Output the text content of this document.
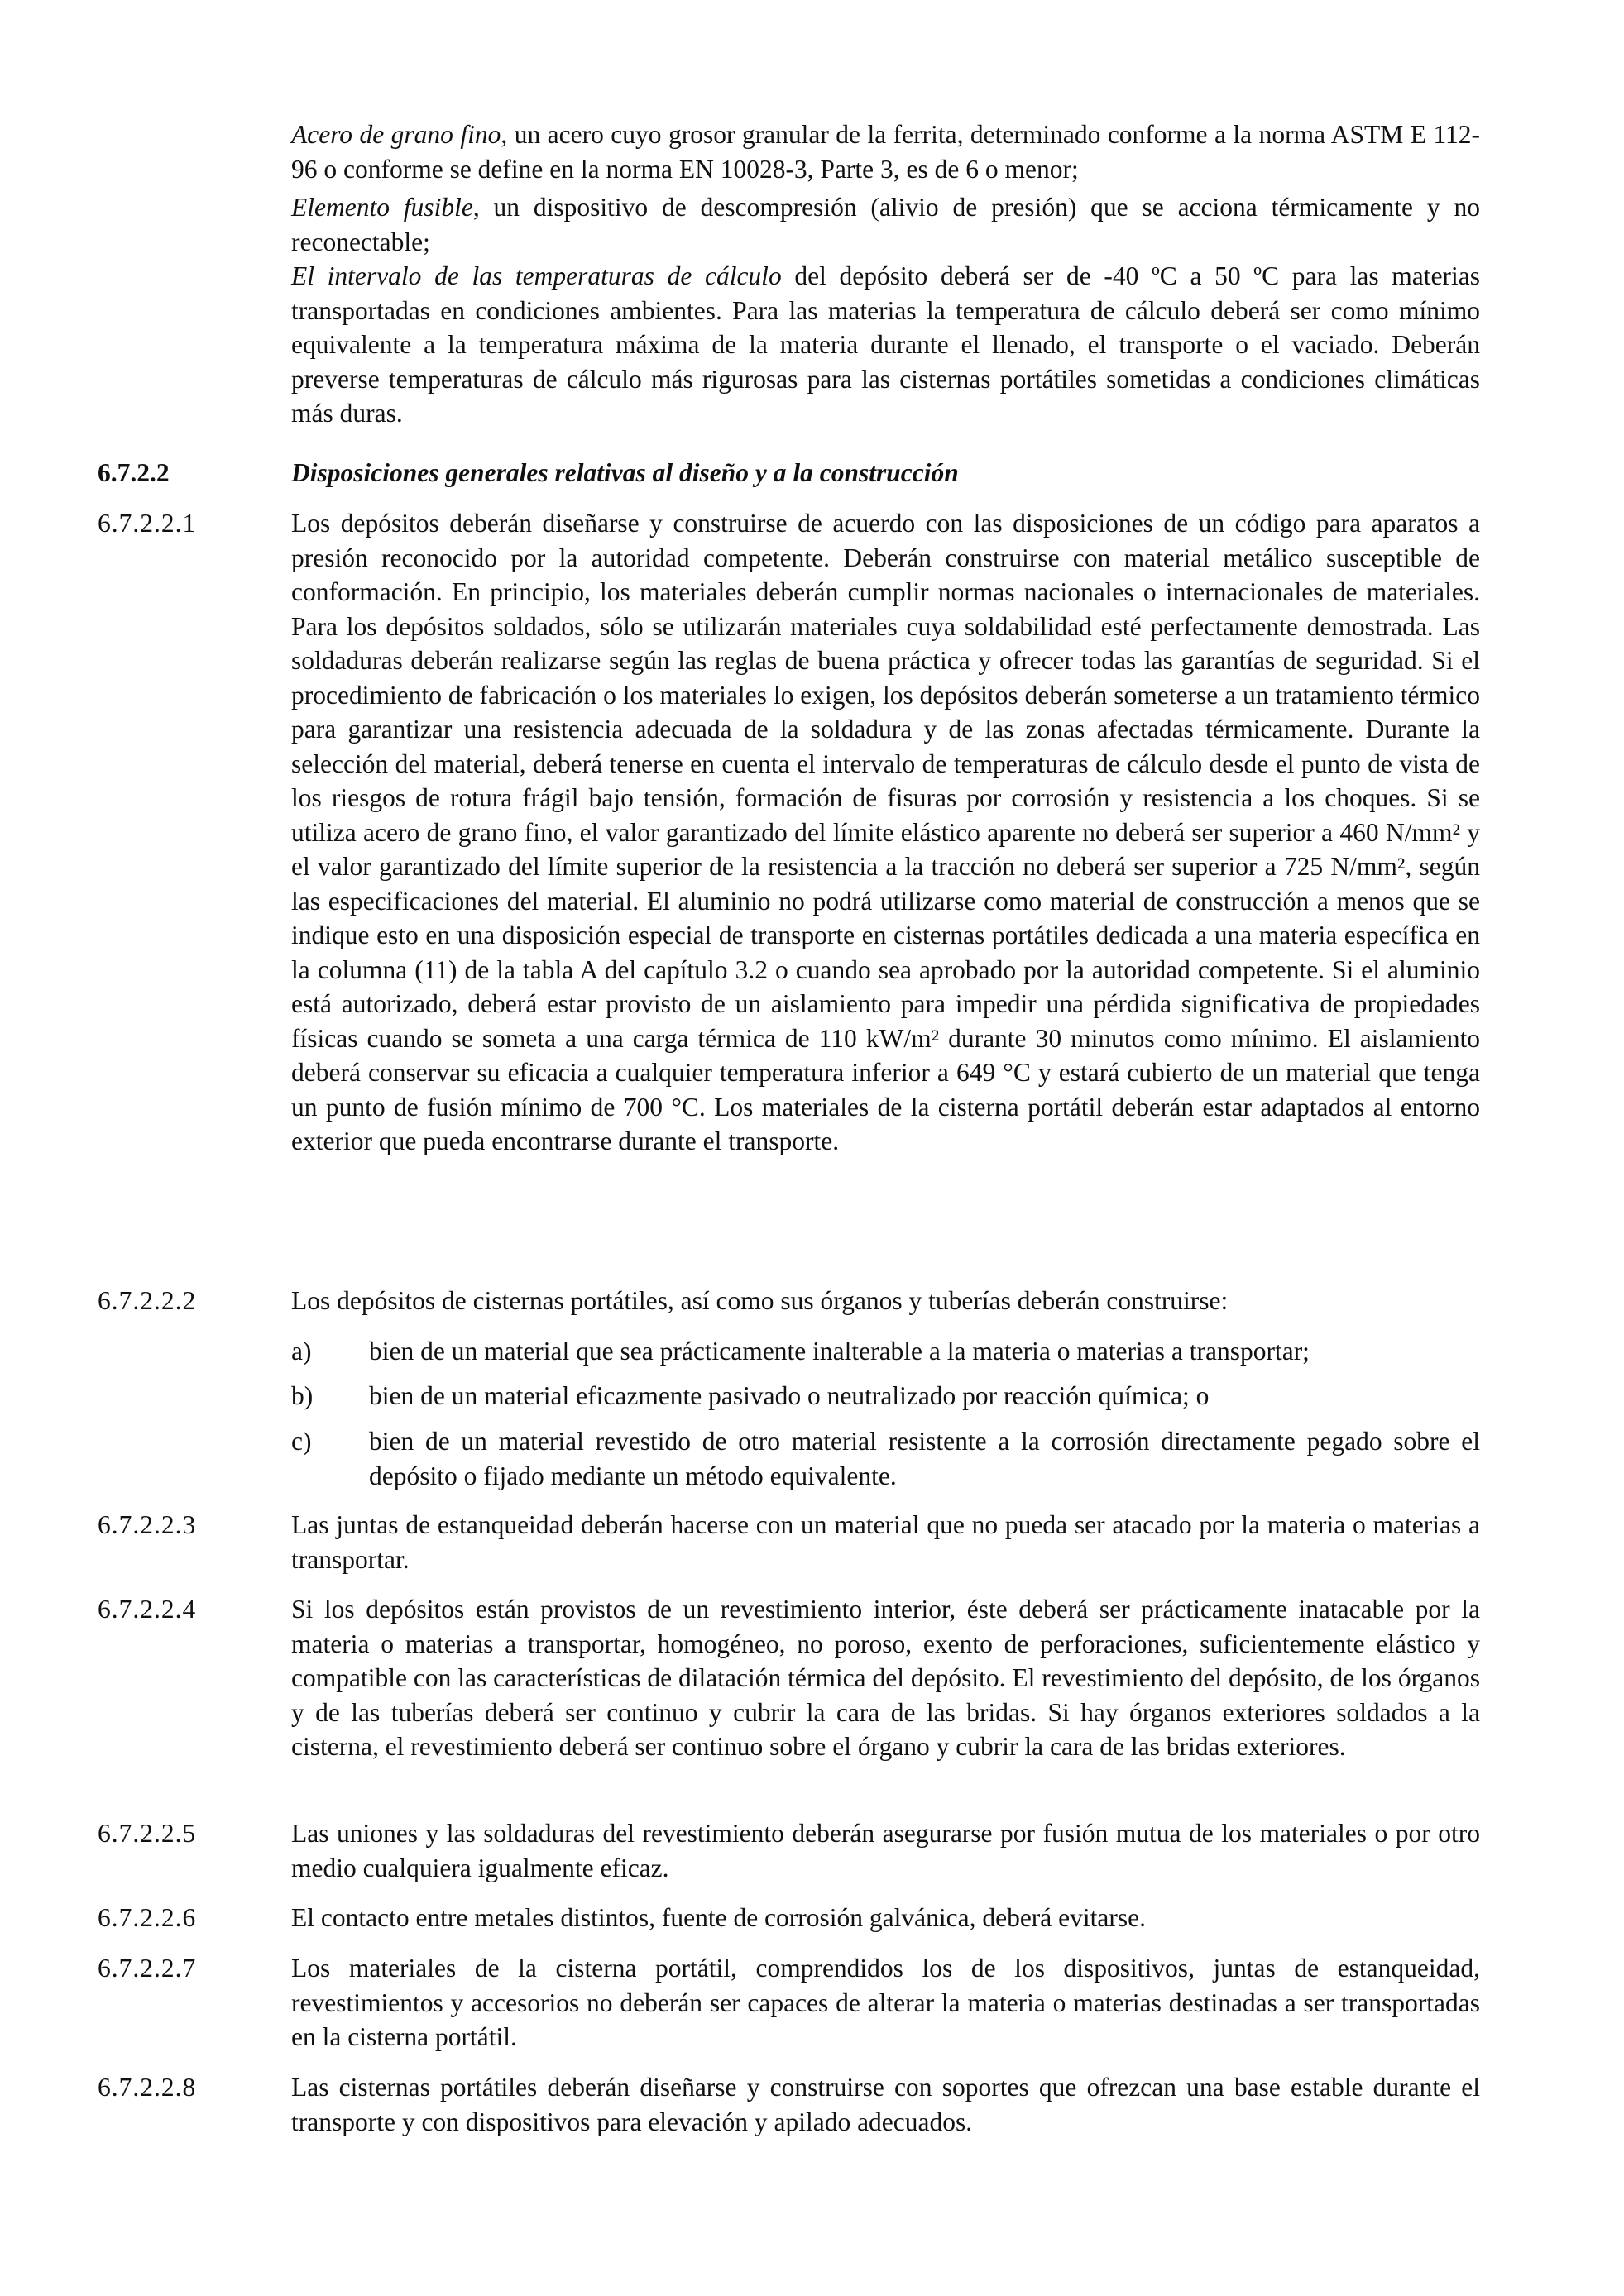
Acero de grano fino, un acero cuyo grosor granular de la ferrita, determinado conforme a la norma ASTM E 112-96 o conforme se define en la norma EN 10028-3, Parte 3, es de 6 o menor;

Elemento fusible, un dispositivo de descompresión (alivio de presión) que se acciona térmicamente y no reconectable;

El intervalo de las temperaturas de cálculo del depósito deberá ser de -40 ºC a 50 ºC para las materias transportadas en condiciones ambientes. Para las materias la temperatura de cálculo deberá ser como mínimo equivalente a la temperatura máxima de la materia durante el llenado, el transporte o el vaciado. Deberán preverse temperaturas de cálculo más rigurosas para las cisternas portátiles sometidas a condiciones climáticas más duras.

6.7.2.2	Disposiciones generales relativas al diseño y a la construcción

6.7.2.2.1	Los depósitos deberán diseñarse y construirse de acuerdo con las disposiciones de un código para aparatos a presión reconocido por la autoridad competente. Deberán construirse con material metálico susceptible de conformación. En principio, los materiales deberán cumplir normas nacionales o internacionales de materiales. Para los depósitos soldados, sólo se utilizarán materiales cuya soldabilidad esté perfectamente demostrada. Las soldaduras deberán realizarse según las reglas de buena práctica y ofrecer todas las garantías de seguridad. Si el procedimiento de fabricación o los materiales lo exigen, los depósitos deberán someterse a un tratamiento térmico para garantizar una resistencia adecuada de la soldadura y de las zonas afectadas térmicamente. Durante la selección del material, deberá tenerse en cuenta el intervalo de temperaturas de cálculo desde el punto de vista de los riesgos de rotura frágil bajo tensión, formación de fisuras por corrosión y resistencia a los choques. Si se utiliza acero de grano fino, el valor garantizado del límite elástico aparente no deberá ser superior a 460 N/mm² y el valor garantizado del límite superior de la resistencia a la tracción no deberá ser superior a 725 N/mm², según las especificaciones del material. El aluminio no podrá utilizarse como material de construcción a menos que se indique esto en una disposición especial de transporte en cisternas portátiles dedicada a una materia específica en la columna (11) de la tabla A del capítulo 3.2 o cuando sea aprobado por la autoridad competente. Si el aluminio está autorizado, deberá estar provisto de un aislamiento para impedir una pérdida significativa de propiedades físicas cuando se someta a una carga térmica de 110 kW/m² durante 30 minutos como mínimo. El aislamiento deberá conservar su eficacia a cualquier temperatura inferior a 649 °C y estará cubierto de un material que tenga un punto de fusión mínimo de 700 °C. Los materiales de la cisterna portátil deberán estar adaptados al entorno exterior que pueda encontrarse durante el transporte.

6.7.2.2.2	Los depósitos de cisternas portátiles, así como sus órganos y tuberías deberán construirse:

a) bien de un material que sea prácticamente inalterable a la materia o materias a transportar;

b) bien de un material eficazmente pasivado o neutralizado por reacción química; o

c) bien de un material revestido de otro material resistente a la corrosión directamente pegado sobre el depósito o fijado mediante un método equivalente.

6.7.2.2.3	Las juntas de estanqueidad deberán hacerse con un material que no pueda ser atacado por la materia o materias a transportar.

6.7.2.2.4	Si los depósitos están provistos de un revestimiento interior, éste deberá ser prácticamente inatacable por la materia o materias a transportar, homogéneo, no poroso, exento de perforaciones, suficientemente elástico y compatible con las características de dilatación térmica del depósito. El revestimiento del depósito, de los órganos y de las tuberías deberá ser continuo y cubrir la cara de las bridas. Si hay órganos exteriores soldados a la cisterna, el revestimiento deberá ser continuo sobre el órgano y cubrir la cara de las bridas exteriores.

6.7.2.2.5	Las uniones y las soldaduras del revestimiento deberán asegurarse por fusión mutua de los materiales o por otro medio cualquiera igualmente eficaz.

6.7.2.2.6	El contacto entre metales distintos, fuente de corrosión galvánica, deberá evitarse.

6.7.2.2.7	Los materiales de la cisterna portátil, comprendidos los de los dispositivos, juntas de estanqueidad, revestimientos y accesorios no deberán ser capaces de alterar la materia o materias destinadas a ser transportadas en la cisterna portátil.

6.7.2.2.8	Las cisternas portátiles deberán diseñarse y construirse con soportes que ofrezcan una base estable durante el transporte y con dispositivos para elevación y apilado adecuados.
